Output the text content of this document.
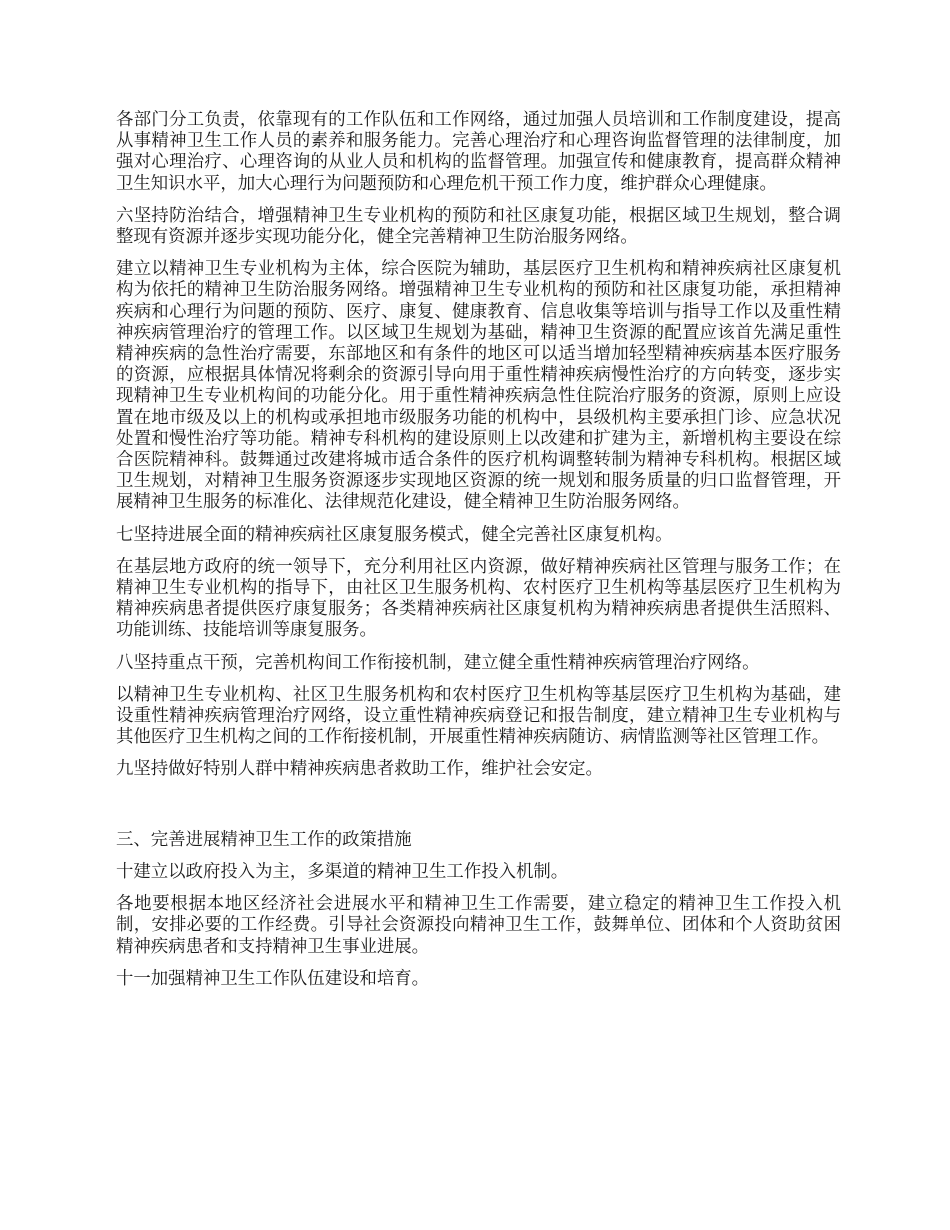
各部门分工负责，依靠现有的工作队伍和工作网络，通过加强人员培训和工作制度建设，提高从事精神卫生工作人员的素养和服务能力。完善心理治疗和心理咨询监督管理的法律制度，加强对心理治疗、心理咨询的从业人员和机构的监督管理。加强宣传和健康教育，提高群众精神卫生知识水平，加大心理行为问题预防和心理危机干预工作力度，维护群众心理健康。

六坚持防治结合，增强精神卫生专业机构的预防和社区康复功能，根据区域卫生规划，整合调整现有资源并逐步实现功能分化，健全完善精神卫生防治服务网络。

建立以精神卫生专业机构为主体，综合医院为辅助，基层医疗卫生机构和精神疾病社区康复机构为依托的精神卫生防治服务网络。增强精神卫生专业机构的预防和社区康复功能，承担精神疾病和心理行为问题的预防、医疗、康复、健康教育、信息收集等培训与指导工作以及重性精神疾病管理治疗的管理工作。以区域卫生规划为基础，精神卫生资源的配置应该首先满足重性精神疾病的急性治疗需要，东部地区和有条件的地区可以适当增加轻型精神疾病基本医疗服务的资源，应根据具体情况将剩余的资源引导向用于重性精神疾病慢性治疗的方向转变，逐步实现精神卫生专业机构间的功能分化。用于重性精神疾病急性住院治疗服务的资源，原则上应设置在地市级及以上的机构或承担地市级服务功能的机构中，县级机构主要承担门诊、应急状况处置和慢性治疗等功能。精神专科机构的建设原则上以改建和扩建为主，新增机构主要设在综合医院精神科。鼓舞通过改建将城市适合条件的医疗机构调整转制为精神专科机构。根据区域卫生规划，对精神卫生服务资源逐步实现地区资源的统一规划和服务质量的归口监督管理，开展精神卫生服务的标准化、法律规范化建设，健全精神卫生防治服务网络。

七坚持进展全面的精神疾病社区康复服务模式，健全完善社区康复机构。

在基层地方政府的统一领导下，充分利用社区内资源，做好精神疾病社区管理与服务工作；在精神卫生专业机构的指导下，由社区卫生服务机构、农村医疗卫生机构等基层医疗卫生机构为精神疾病患者提供医疗康复服务；各类精神疾病社区康复机构为精神疾病患者提供生活照料、功能训练、技能培训等康复服务。

八坚持重点干预，完善机构间工作衔接机制，建立健全重性精神疾病管理治疗网络。

以精神卫生专业机构、社区卫生服务机构和农村医疗卫生机构等基层医疗卫生机构为基础，建设重性精神疾病管理治疗网络，设立重性精神疾病登记和报告制度，建立精神卫生专业机构与其他医疗卫生机构之间的工作衔接机制，开展重性精神疾病随访、病情监测等社区管理工作。

九坚持做好特别人群中精神疾病患者救助工作，维护社会安定。

三、完善进展精神卫生工作的政策措施

十建立以政府投入为主，多渠道的精神卫生工作投入机制。

各地要根据本地区经济社会进展水平和精神卫生工作需要，建立稳定的精神卫生工作投入机制，安排必要的工作经费。引导社会资源投向精神卫生工作，鼓舞单位、团体和个人资助贫困精神疾病患者和支持精神卫生事业进展。

十一加强精神卫生工作队伍建设和培育。
